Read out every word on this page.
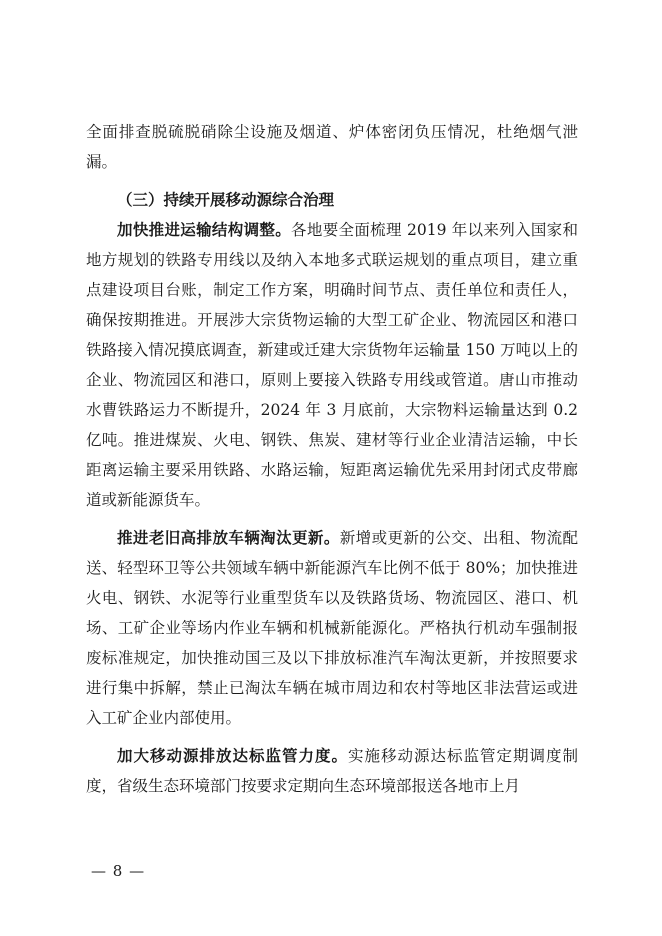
全面排查脱硫脱硝除尘设施及烟道、炉体密闭负压情况，杜绝烟气泄漏。

（三）持续开展移动源综合治理

加快推进运输结构调整。各地要全面梳理 2019 年以来列入国家和地方规划的铁路专用线以及纳入本地多式联运规划的重点项目，建立重点建设项目台账，制定工作方案，明确时间节点、责任单位和责任人，确保按期推进。开展涉大宗货物运输的大型工矿企业、物流园区和港口铁路接入情况摸底调查，新建或迁建大宗货物年运输量 150 万吨以上的企业、物流园区和港口，原则上要接入铁路专用线或管道。唐山市推动水曹铁路运力不断提升，2024 年 3 月底前，大宗物料运输量达到 0.2 亿吨。推进煤炭、火电、钢铁、焦炭、建材等行业企业清洁运输，中长距离运输主要采用铁路、水路运输，短距离运输优先采用封闭式皮带廊道或新能源货车。

推进老旧高排放车辆淘汰更新。新增或更新的公交、出租、物流配送、轻型环卫等公共领域车辆中新能源汽车比例不低于 80%；加快推进火电、钢铁、水泥等行业重型货车以及铁路货场、物流园区、港口、机场、工矿企业等场内作业车辆和机械新能源化。严格执行机动车强制报废标准规定，加快推动国三及以下排放标准汽车淘汰更新，并按照要求进行集中拆解，禁止已淘汰车辆在城市周边和农村等地区非法营运或进入工矿企业内部使用。

加大移动源排放达标监管力度。实施移动源达标监管定期调度制度，省级生态环境部门按要求定期向生态环境部报送各地市上月

— 8 —
